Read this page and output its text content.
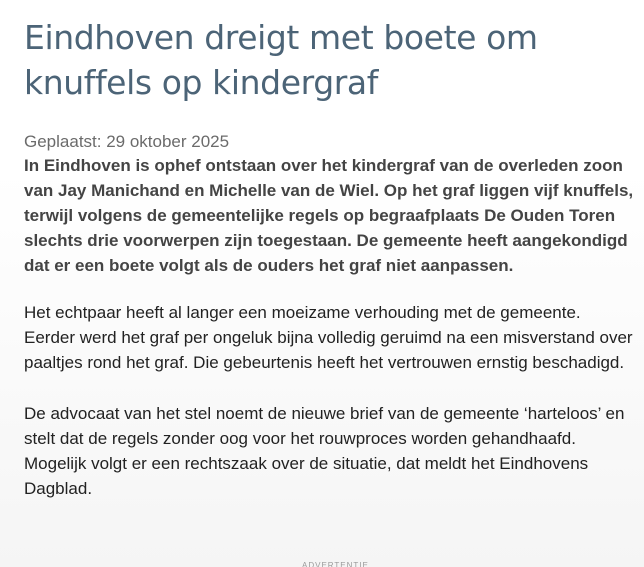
Eindhoven dreigt met boete om knuffels op kindergraf
Geplaatst: 29 oktober 2025

In Eindhoven is ophef ontstaan over het kindergraf van de overleden zoon van Jay Manichand en Michelle van de Wiel. Op het graf liggen vijf knuffels, terwijl volgens de gemeentelijke regels op begraafplaats De Ouden Toren slechts drie voorwerpen zijn toegestaan. De gemeente heeft aangekondigd dat er een boete volgt als de ouders het graf niet aanpassen.

Het echtpaar heeft al langer een moeizame verhouding met de gemeente. Eerder werd het graf per ongeluk bijna volledig geruimd na een misverstand over paaltjes rond het graf. Die gebeurtenis heeft het vertrouwen ernstig beschadigd.

De advocaat van het stel noemt de nieuwe brief van de gemeente ‘harteloos’ en stelt dat de regels zonder oog voor het rouwproces worden gehandhaafd. Mogelijk volgt er een rechtszaak over de situatie, dat meldt het Eindhovens Dagblad.

ADVERTENTIE
